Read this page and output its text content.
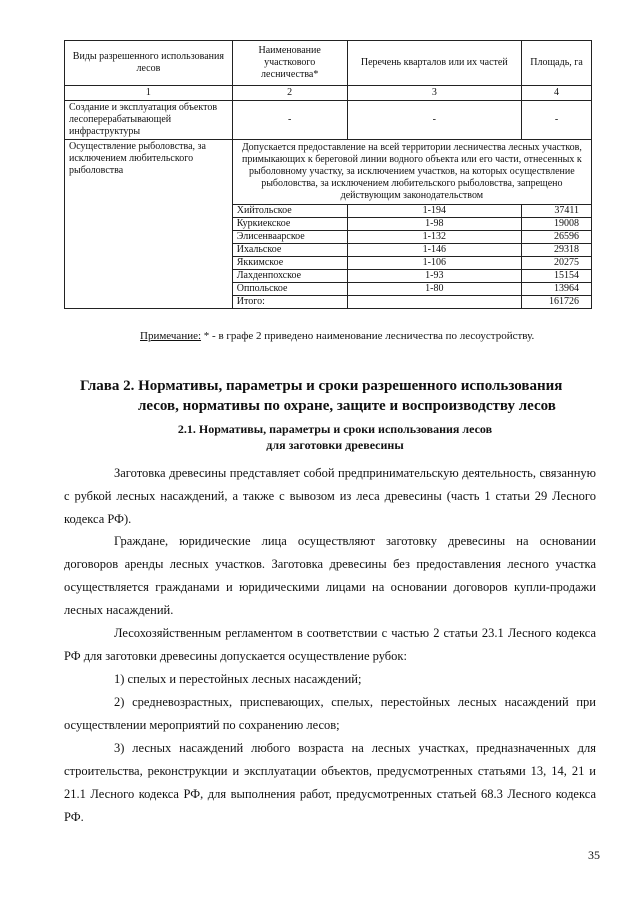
Виды разрешенного использования лесов	Наименование участкового лесничества*	Перечень кварталов или их частей	Площадь, га
1	2	3	4
Создание и эксплуатация объектов лесоперерабатывающей инфраструктуры	-	-	-
Осуществление рыболовства, за исключением любительского рыболовства	Допускается предоставление на всей территории лесничества лесных участков, примыкающих к береговой линии водного объекта или его части, отнесенных к рыболовному участку, за исключением участков, на которых осуществление рыболовства, за исключением любительского рыболовства, запрещено действующим законодательством		
	Хийтольское	1-194	37411
	Куркиекское	1-98	19008
	Элисенваарское	1-132	26596
	Ихальское	1-146	29318
	Яккимское	1-106	20275
	Лахденпохское	1-93	15154
	Оппольское	1-80	13964
	Итого:		161726
Примечание: * - в графе 2 приведено наименование лесничества по лесоустройству.
Глава 2. Нормативы, параметры и сроки разрешенного использования
лесов, нормативы по охране, защите и воспроизводству лесов
2.1. Нормативы, параметры и сроки использования лесов
для заготовки древесины

Заготовка древесины представляет собой предпринимательскую деятельность, связанную с рубкой лесных насаждений, а также с вывозом из леса древесины (часть 1 статьи 29 Лесного кодекса РФ).

Граждане, юридические лица осуществляют заготовку древесины на основании договоров аренды лесных участков. Заготовка древесины без предоставления лесного участка осуществляется гражданами и юридическими лицами на основании договоров купли-продажи лесных насаждений.

Лесохозяйственным регламентом в соответствии с частью 2 статьи 23.1 Лесного кодекса РФ для заготовки древесины допускается осуществление рубок:

1) спелых и перестойных лесных насаждений;

2) средневозрастных, приспевающих, спелых, перестойных лесных насаждений при осуществлении мероприятий по сохранению лесов;

3) лесных насаждений любого возраста на лесных участках, предназначенных для строительства, реконструкции и эксплуатации объектов, предусмотренных статьями 13, 14, 21 и 21.1 Лесного кодекса РФ, для выполнения работ, предусмотренных статьей 68.3 Лесного кодекса РФ.

35
